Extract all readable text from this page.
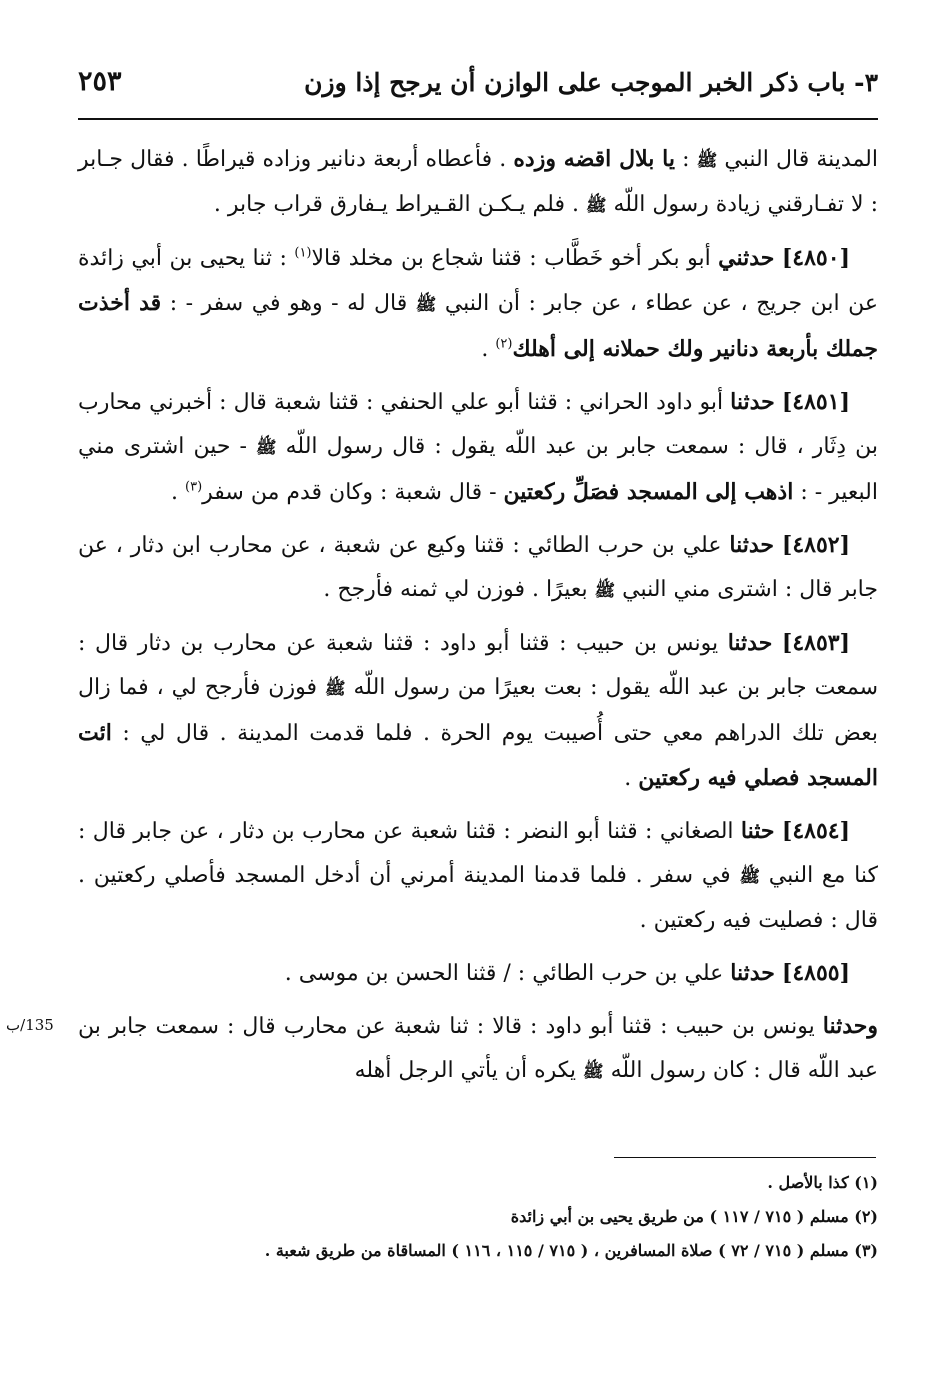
٣- باب ذكر الخبر الموجب على الوازن أن يرجح إذا وزن
٢٥٣

المدينة قال النبي ﷺ : يا بلال اقضه وزده . فأعطاه أربعة دنانير وزاده قيراطًا . فقال جـابر : لا تفـارقني زيادة رسول اللّه ﷺ . فلم يـكـن القـيراط يـفارق قراب جابر .

[٤٨٥٠] حدثني أبو بكر أخو خَطَّاب : قثنا شجاع بن مخلد قالا$^{(١)}$ : ثنا يحيى بن أبي زائدة عن ابن جريج ، عن عطاء ، عن جابر : أن النبي ﷺ قال له - وهو في سفر - : قد أخذت جملك بأربعة دنانير ولك حملانه إلى أهلك$^{(٢)}$ .

[٤٨٥١] حدثنا أبو داود الحراني : قثنا أبو علي الحنفي : قثنا شعبة قال : أخبرني محارب بن دِثَار ، قال : سمعت جابر بن عبد اللّه يقول : قال رسول اللّه ﷺ - حين اشترى مني البعير - : اذهب إلى المسجد فصَلِّ ركعتين - قال شعبة : وكان قدم من سفر$^{(٣)}$ .

[٤٨٥٢] حدثنا علي بن حرب الطائي : قثنا وكيع عن شعبة ، عن محارب ابن دثار ، عن جابر قال : اشترى مني النبي ﷺ بعيرًا . فوزن لي ثمنه فأرجح .

[٤٨٥٣] حدثنا يونس بن حبيب : قثنا أبو داود : قثنا شعبة عن محارب بن دثار قال : سمعت جابر بن عبد اللّه يقول : بعت بعيرًا من رسول اللّه ﷺ فوزن فأرجح لي ، فما زال بعض تلك الدراهم معي حتى أُصيبت يوم الحرة . فلما قدمت المدينة . قال لي : ائت المسجد فصلي فيه ركعتين .

[٤٨٥٤] حثنا الصغاني : قثنا أبو النضر : قثنا شعبة عن محارب بن دثار ، عن جابر قال : كنا مع النبي ﷺ في سفر . فلما قدمنا المدينة أمرني أن أدخل المسجد فأصلي ركعتين . قال : فصليت فيه ركعتين .

[٤٨٥٥] حدثنا علي بن حرب الطائي : / قثنا الحسن بن موسى .

وحدثنا يونس بن حبيب : قثنا أبو داود : قالا : ثنا شعبة عن محارب قال : سمعت جابر بن عبد اللّه قال : كان رسول اللّه ﷺ يكره أن يأتي الرجل أهله

135/ب

(١) كذا بالأصل .

(٢) مسلم ( ٧١٥ / ١١٧ ) من طريق يحيى بن أبي زائدة

(٣) مسلم ( ٧١٥ / ٧٢ ) صلاة المسافرين ، ( ٧١٥ / ١١٥ ، ١١٦ ) المساقاة من طريق شعبة .
